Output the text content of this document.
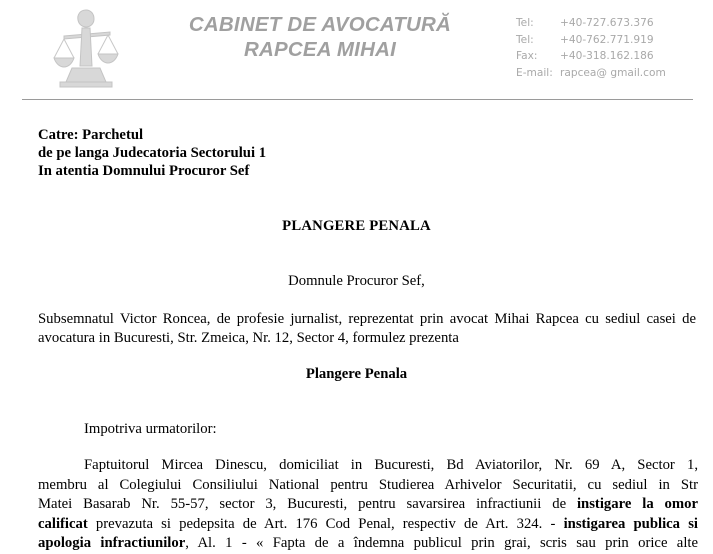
CABINET DE AVOCATURĂ
RAPCEA MIHAI
Tel: +40-727.673.376
Tel: +40-762.771.919
Fax: +40-318.162.186
E-mail: rapcea@ gmail.com
Catre: Parchetul
de pe langa Judecatoria Sectorului 1
In atentia Domnului Procuror Sef
PLANGERE PENALA
Domnule Procuror Sef,
Subsemnatul Victor Roncea, de profesie jurnalist, reprezentat prin avocat Mihai Rapcea cu sediul casei de avocatura in Bucuresti, Str. Zmeica, Nr. 12, Sector 4, formulez prezenta
Plangere Penala
Impotriva urmatorilor:
Faptuitorul Mircea Dinescu, domiciliat in Bucuresti, Bd Aviatorilor, Nr. 69 A, Sector 1,
membru al Colegiului Consiliului National pentru Studierea Arhivelor Securitatii, cu sediul in Str
Matei Basarab Nr. 55-57, sector 3, Bucuresti, pentru savarsirea infractiunii de instigare la omor
calificat prevazuta si pedepsita de Art. 176 Cod Penal, respectiv de Art. 324. - instigarea publica si
apologia infractiunilor, Al. 1 - « Fapta de a îndemna publicul prin grai, scris sau prin orice alte
